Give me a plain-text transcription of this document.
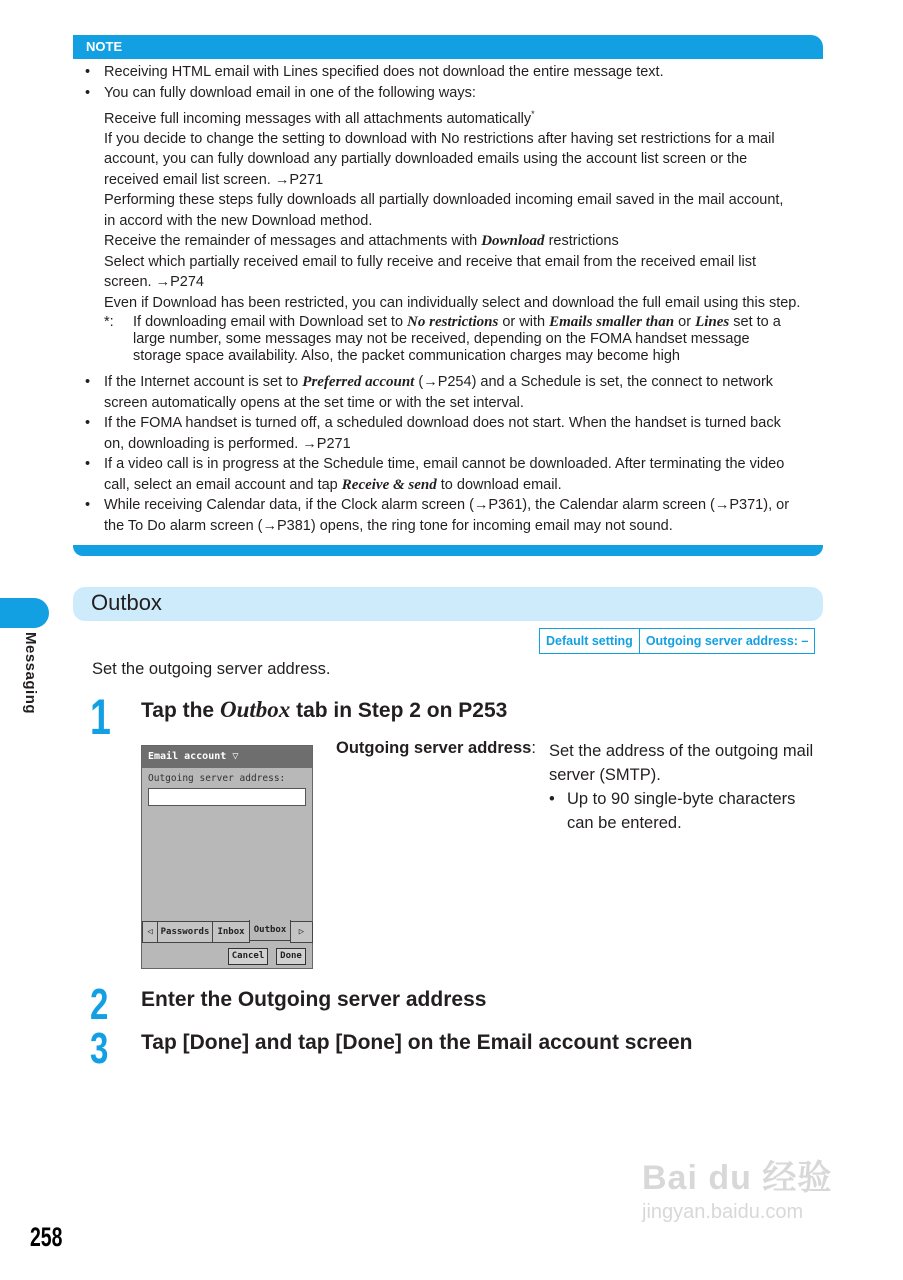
NOTE
• Receiving HTML email with Lines specified does not download the entire message text.
• You can fully download email in one of the following ways:
Receive full incoming messages with all attachments automatically*
If you decide to change the setting to download with No restrictions after having set restrictions for a mail
account, you can fully download any partially downloaded emails using the account list screen or the
received email list screen. →P271
Performing these steps fully downloads all partially downloaded incoming email saved in the mail account,
in accord with the new Download method.
Receive the remainder of messages and attachments with Download restrictions
Select which partially received email to fully receive and receive that email from the received email list
screen. →P274
Even if Download has been restricted, you can individually select and download the full email using this step.
*: If downloading email with Download set to No restrictions or with Emails smaller than or Lines set to a
large number, some messages may not be received, depending on the FOMA handset message
storage space availability. Also, the packet communication charges may become high
• If the Internet account is set to Preferred account (→P254) and a Schedule is set, the connect to network
screen automatically opens at the set time or with the set interval.
• If the FOMA handset is turned off, a scheduled download does not start. When the handset is turned back
on, downloading is performed. →P271
• If a video call is in progress at the Schedule time, email cannot be downloaded. After terminating the video
call, select an email account and tap Receive & send to download email.
• While receiving Calendar data, if the Clock alarm screen (→P361), the Calendar alarm screen (→P371), or
the To Do alarm screen (→P381) opens, the ring tone for incoming email may not sound.
Messaging
Outbox
Default setting	Outgoing server address: –
Set the outgoing server address.
1 Tap the Outbox tab in Step 2 on P253
Email account ▽
Outgoing server address:
◁ Passwords Inbox	Outbox	▷
Cancel	Done
Outgoing server address: Set the address of the outgoing mail
server (SMTP).
• Up to 90 single-byte characters
can be entered.
2 Enter the Outgoing server address
3 Tap [Done] and tap [Done] on the Email account screen
258
Bai du 经验
jingyan.baidu.com
